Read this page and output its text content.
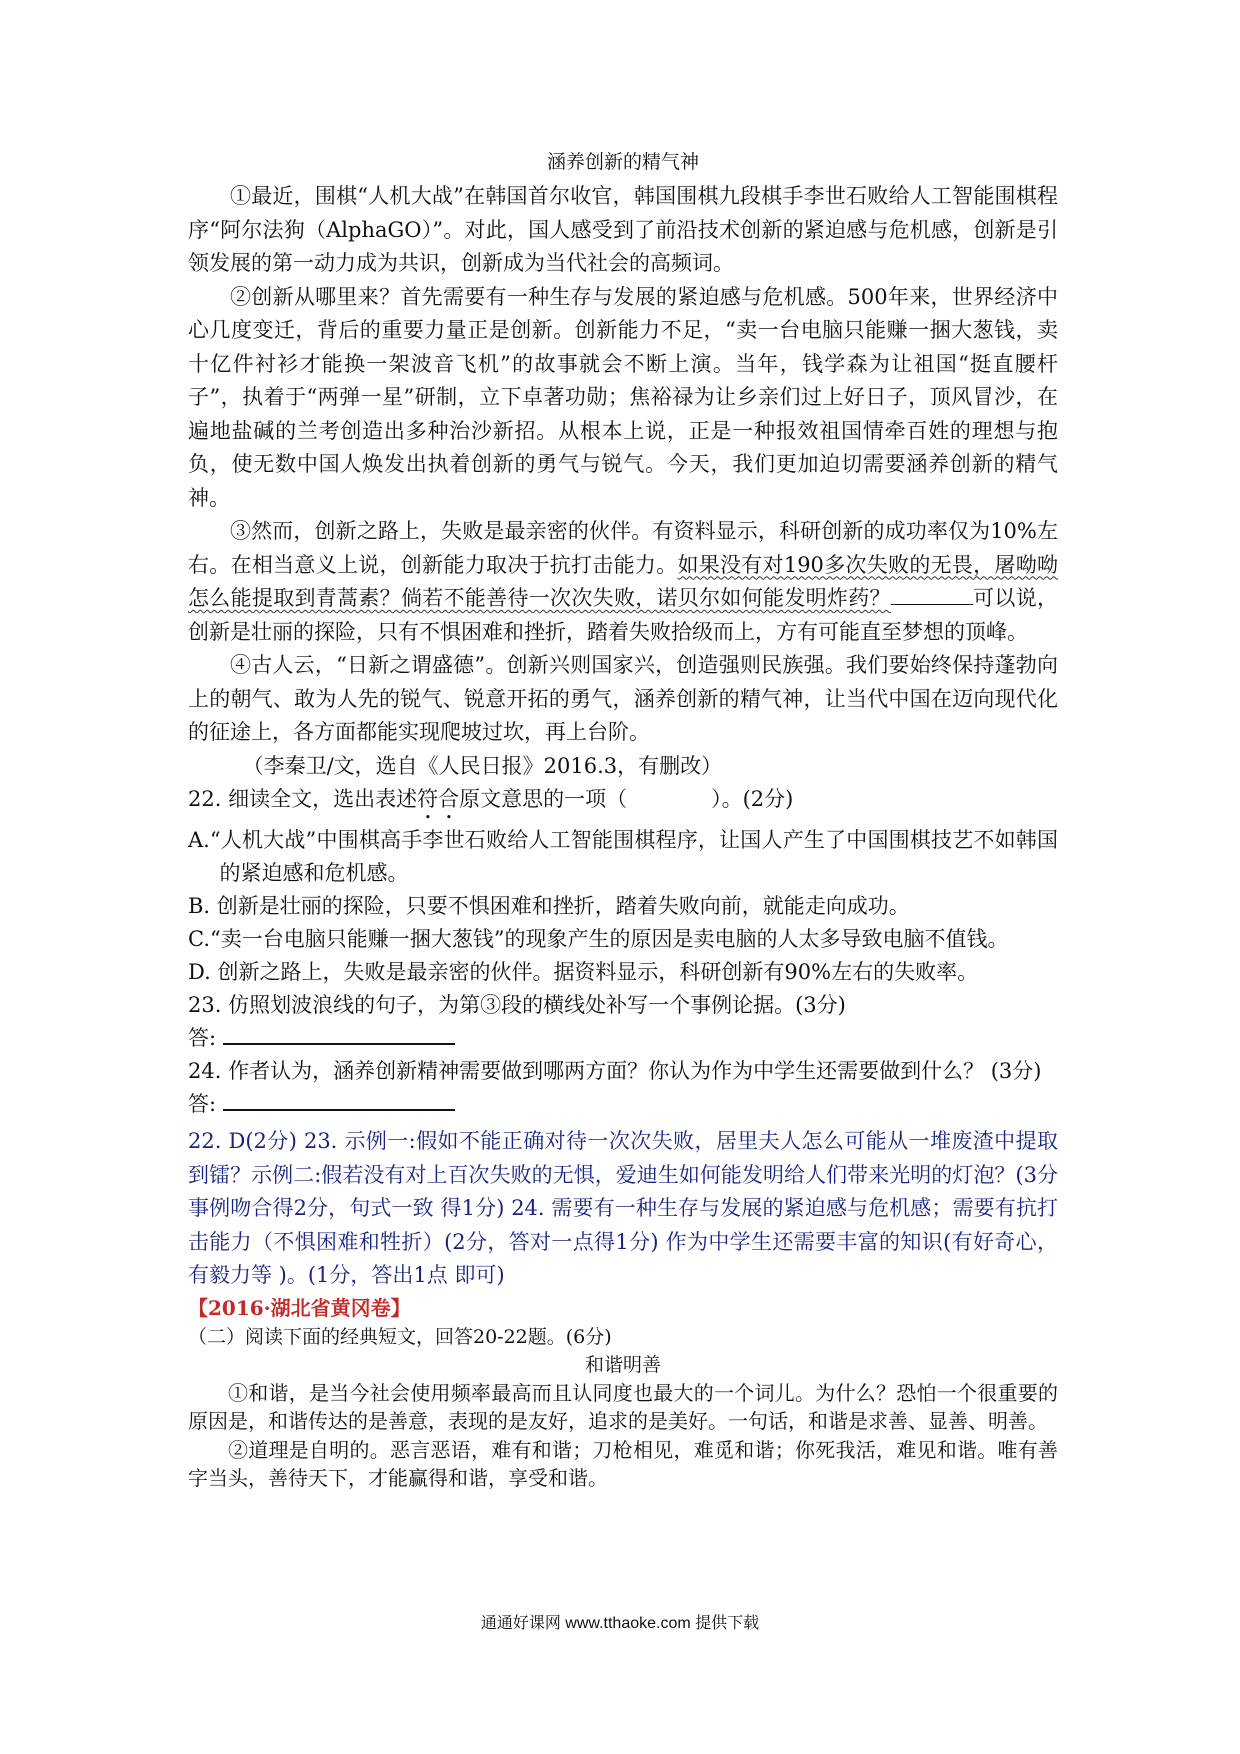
涵养创新的精气神

①最近，围棋“人机大战”在韩国首尔收官，韩国围棋九段棋手李世石败给人工智能围棋程序“阿尔法狗（AlphaGO）”。对此，国人感受到了前沿技术创新的紧迫感与危机感，创新是引领发展的第一动力成为共识，创新成为当代社会的高频词。

②创新从哪里来？首先需要有一种生存与发展的紧迫感与危机感。500年来，世界经济中心几度变迁，背后的重要力量正是创新。创新能力不足，“卖一台电脑只能赚一捆大葱钱，卖十亿件衬衫才能换一架波音飞机”的故事就会不断上演。当年，钱学森为让祖国“挺直腰杆子”，执着于“两弹一星”研制，立下卓著功勋；焦裕禄为让乡亲们过上好日子，顶风冒沙，在遍地盐碱的兰考创造出多种治沙新招。从根本上说，正是一种报效祖国情牵百姓的理想与抱负，使无数中国人焕发出执着创新的勇气与锐气。今天，我们更加迫切需要涵养创新的精气神。

③然而，创新之路上，失败是最亲密的伙伴。有资料显示，科研创新的成功率仅为10%左右。在相当意义上说，创新能力取决于抗打击能力。如果没有对190多次失败的无畏，屠呦呦怎么能提取到青蒿素？倘若不能善待一次次失败，诺贝尔如何能发明炸药？	可以说，创新是壮丽的探险，只有不惧困难和挫折，踏着失败拾级而上，方有可能直至梦想的顶峰。

④古人云，“日新之谓盛德”。创新兴则国家兴，创造强则民族强。我们要始终保持蓬勃向上的朝气、敢为人先的锐气、锐意开拓的勇气，涵养创新的精气神，让当代中国在迈向现代化的征途上，各方面都能实现爬坡过坎，再上台阶。

（李秦卫/文，选自《人民日报》2016.3，有删改）

22. 细读全文，选出表述符合原文意思的一项（	）。(2分)

A.“人机大战”中围棋高手李世石败给人工智能围棋程序，让国人产生了中国围棋技艺不如韩国的紧迫感和危机感。

B. 创新是壮丽的探险，只要不惧困难和挫折，踏着失败向前，就能走向成功。

C.“卖一台电脑只能赚一捆大葱钱”的现象产生的原因是卖电脑的人太多导致电脑不值钱。

D. 创新之路上，失败是最亲密的伙伴。据资料显示，科研创新有90%左右的失败率。

23. 仿照划波浪线的句子，为第③段的横线处补写一个事例论据。(3分)

答:

24. 作者认为，涵养创新精神需要做到哪两方面？你认为作为中学生还需要做到什么？ (3分)

答:

22. D(2分) 23. 示例一:假如不能正确对待一次次失败，居里夫人怎么可能从一堆废渣中提取到镭？示例二:假若没有对上百次失败的无惧，爱迪生如何能发明给人们带来光明的灯泡？(3分事例吻合得2分，句式一致 得1分) 24. 需要有一种生存与发展的紧迫感与危机感；需要有抗打击能力（不惧困难和牲折）(2分，答对一点得1分) 作为中学生还需要丰富的知识(有好奇心，有毅力等 )。(1分，答出1点 即可)

【2016·湖北省黄冈卷】

（二）阅读下面的经典短文，回答20-22题。(6分)

和谐明善

①和谐，是当今社会使用频率最高而且认同度也最大的一个词儿。为什么？恐怕一个很重要的原因是，和谐传达的是善意，表现的是友好，追求的是美好。一句话，和谐是求善、显善、明善。

②道理是自明的。恶言恶语，难有和谐；刀枪相见，难觅和谐；你死我活，难见和谐。唯有善字当头，善待天下，才能赢得和谐，享受和谐。

通通好课网 www.tthaoke.com 提供下载
